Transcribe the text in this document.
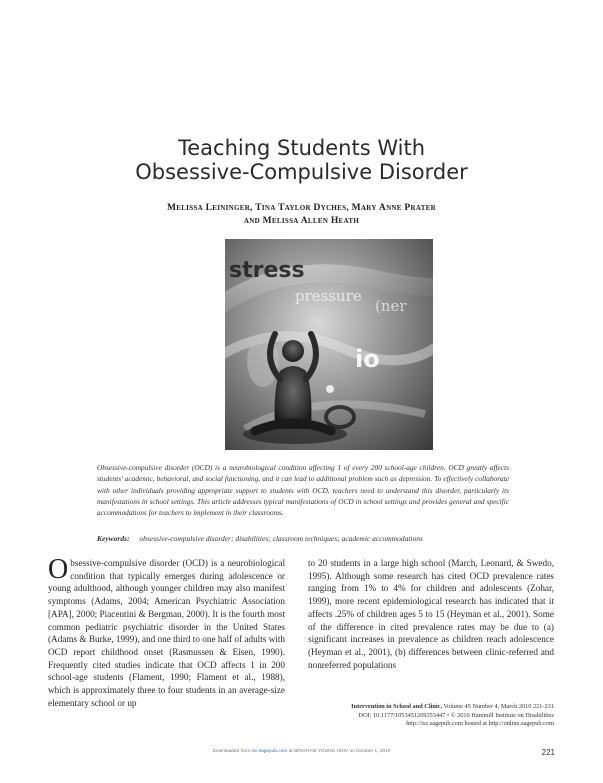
Teaching Students With
Obsessive-Compulsive Disorder
Melissa Leininger, Tina Taylor Dyches, Mary Anne Prater
and Melissa Allen Heath
stress
pressure
(ner
io
Obsessive-compulsive disorder (OCD) is a neurobiological condition affecting 1 of every 200 school-age children. OCD greatly affects students' academic, behavioral, and social functioning, and it can lead to additional problem such as depression. To effectively collaborate with other individuals providing appropriate support to students with OCD, teachers need to understand this disorder, particularly its manifestations in school settings. This article addresses typical manifestations of OCD in school settings and provides general and specific accommodations for teachers to implement in their classrooms.
Keywords: obsessive-compulsive disorder; disabilities; classroom techniques; academic accommodations
Obsessive-compulsive disorder (OCD) is a neurobiological condition that typically emerges during adolescence or young adulthood, although younger children may also manifest symptoms (Adams, 2004; American Psychiatric Association [APA], 2000; Piacentini & Bergman, 2000). It is the fourth most common pediatric psychiatric disorder in the United States (Adams & Burke, 1999), and one third to one half of adults with OCD report childhood onset (Rasmussen & Eisen, 1990). Frequently cited studies indicate that OCD affects 1 in 200 school-age students (Flament, 1990; Flament et al., 1988), which is approximately three to four students in an average-size elementary school or up
to 20 students in a large high school (March, Leonard, & Swedo, 1995). Although some research has cited OCD prevalence rates ranging from 1% to 4% for children and adolescents (Zohar, 1999), more recent epidemiological research has indicated that it affects .25% of children ages 5 to 15 (Heyman et al., 2001). Some of the difference in cited prevalence rates may be due to (a) significant increases in prevalence as children reach adolescence (Heyman et al., 2001), (b) differences between clinic-referred and nonreferred populations
Intervention in School and Clinic, Volume 45 Number 4, March 2010 221-231
DOI: 10.1177/1053451209353447 • © 2010 Hammill Institute on Disabilities
http://isc.sagepub.com hosted at http://online.sagepub.com
Downloaded from isc.sagepub.com at BRIGHAM YOUNG UNIV on October 1, 2010	221
